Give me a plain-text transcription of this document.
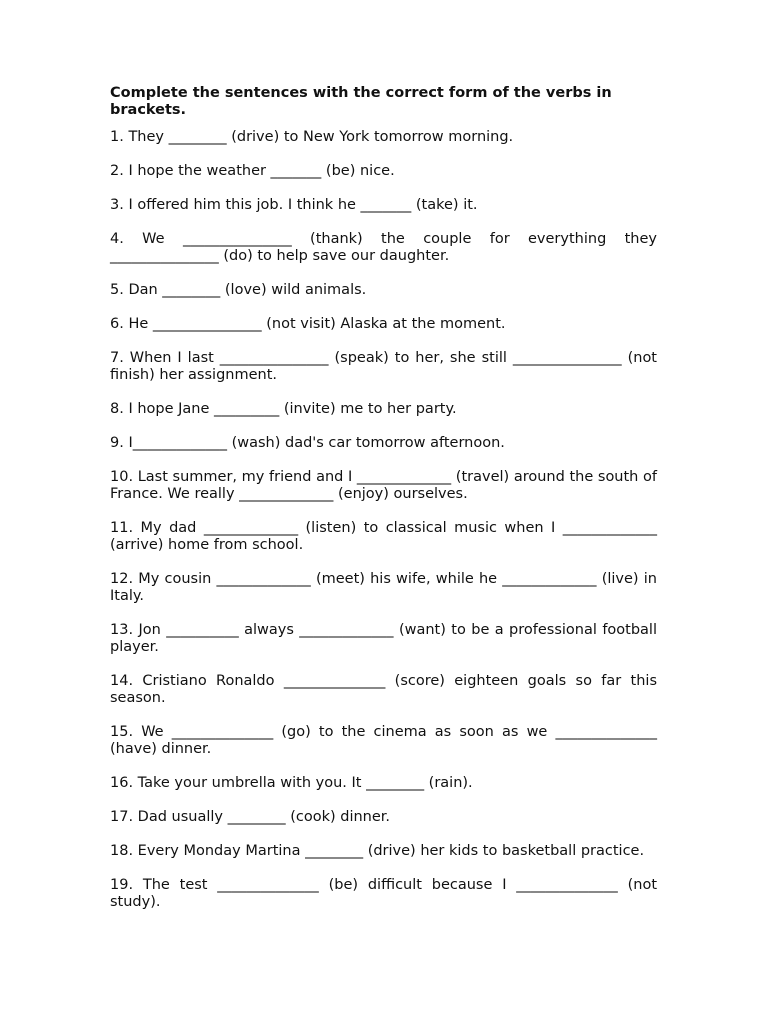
Complete the sentences with the correct form of the verbs in brackets.

1. They ________ (drive) to New York tomorrow morning.

2. I hope the weather _______ (be) nice.

3. I offered him this job. I think he _______ (take) it.

4. We _______________ (thank) the couple for everything they _______________ (do) to help save our daughter.

5. Dan ________ (love) wild animals.

6. He _______________ (not visit) Alaska at the moment.

7. When I last _______________ (speak) to her, she still _______________ (not finish) her assignment.

8. I hope Jane _________ (invite) me to her party.

9. I_____________ (wash) dad's car tomorrow afternoon.

10. Last summer, my friend and I _____________ (travel) around the south of France. We really _____________ (enjoy) ourselves.

11. My dad _____________ (listen) to classical music when I _____________ (arrive) home from school.

12. My cousin _____________ (meet) his wife, while he _____________ (live) in Italy.

13. Jon __________ always _____________ (want) to be a professional football player.

14. Cristiano Ronaldo ______________ (score) eighteen goals so far this season.

15. We ______________ (go) to the cinema as soon as we ______________ (have) dinner.

16. Take your umbrella with you. It ________ (rain).

17. Dad usually ________ (cook) dinner.

18. Every Monday Martina ________ (drive) her kids to basketball practice.

19. The test ______________ (be) difficult because I ______________ (not study).
